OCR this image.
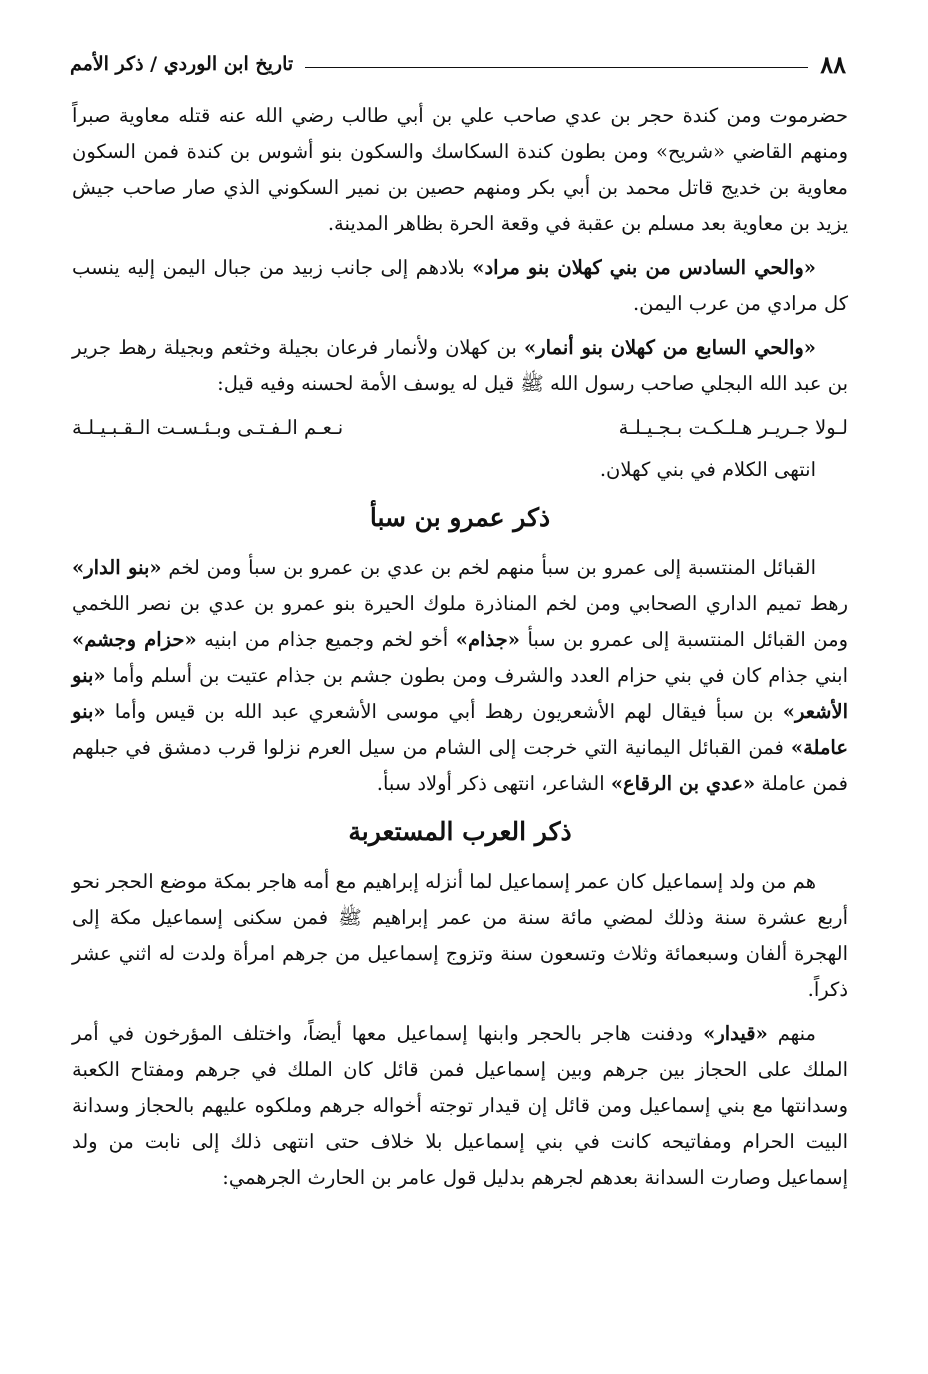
٨٨
تاريخ ابن الوردي / ذكر الأمم

حضرموت ومن كندة حجر بن عدي صاحب علي بن أبي طالب رضي الله عنه قتله معاوية صبراً ومنهم القاضي «شريح» ومن بطون كندة السكاسك والسكون بنو أشوس بن كندة فمن السكون معاوية بن خديج قاتل محمد بن أبي بكر ومنهم حصين بن نمير السكوني الذي صار صاحب جيش يزيد بن معاوية بعد مسلم بن عقبة في وقعة الحرة بظاهر المدينة.

«والحي السادس من بني كهلان بنو مراد» بلادهم إلى جانب زبيد من جبال اليمن إليه ينسب كل مرادي من عرب اليمن.

«والحي السابع من كهلان بنو أنمار» بن كهلان ولأنمار فرعان بجيلة وخثعم وبجيلة رهط جرير بن عبد الله البجلي صاحب رسول الله ﷺ قيل له يوسف الأمة لحسنه وفيه قيل:

لـولا جـريـر هـلـكـت بـجـيـلـة
نـعـم الـفـتـى وبـئـسـت الـقـبـيـلـة

انتهى الكلام في بني كهلان.

ذكر عمرو بن سبأ

القبائل المنتسبة إلى عمرو بن سبأ منهم لخم بن عدي بن عمرو بن سبأ ومن لخم «بنو الدار» رهط تميم الداري الصحابي ومن لخم المناذرة ملوك الحيرة بنو عمرو بن عدي بن نصر اللخمي ومن القبائل المنتسبة إلى عمرو بن سبأ «جذام» أخو لخم وجميع جذام من ابنيه «حزام وجشم» ابني جذام كان في بني حزام العدد والشرف ومن بطون جشم بن جذام عتيت بن أسلم وأما «بنو الأشعر» بن سبأ فيقال لهم الأشعريون رهط أبي موسى الأشعري عبد الله بن قيس وأما «بنو عاملة» فمن القبائل اليمانية التي خرجت إلى الشام من سيل العرم نزلوا قرب دمشق في جبلهم فمن عاملة «عدي بن الرقاع» الشاعر، انتهى ذكر أولاد سبأ.

ذكر العرب المستعربة

هم من ولد إسماعيل كان عمر إسماعيل لما أنزله إبراهيم مع أمه هاجر بمكة موضع الحجر نحو أربع عشرة سنة وذلك لمضي مائة سنة من عمر إبراهيم ﷺ فمن سكنى إسماعيل مكة إلى الهجرة ألفان وسبعمائة وثلاث وتسعون سنة وتزوج إسماعيل من جرهم امرأة ولدت له اثني عشر ذكراً.

منهم «قيدار» ودفنت هاجر بالحجر وابنها إسماعيل معها أيضاً، واختلف المؤرخون في أمر الملك على الحجاز بين جرهم وبين إسماعيل فمن قائل كان الملك في جرهم ومفتاح الكعبة وسدانتها مع بني إسماعيل ومن قائل إن قيدار توجته أخواله جرهم وملكوه عليهم بالحجاز وسدانة البيت الحرام ومفاتيحه كانت في بني إسماعيل بلا خلاف حتى انتهى ذلك إلى نابت من ولد إسماعيل وصارت السدانة بعدهم لجرهم بدليل قول عامر بن الحارث الجرهمي:
